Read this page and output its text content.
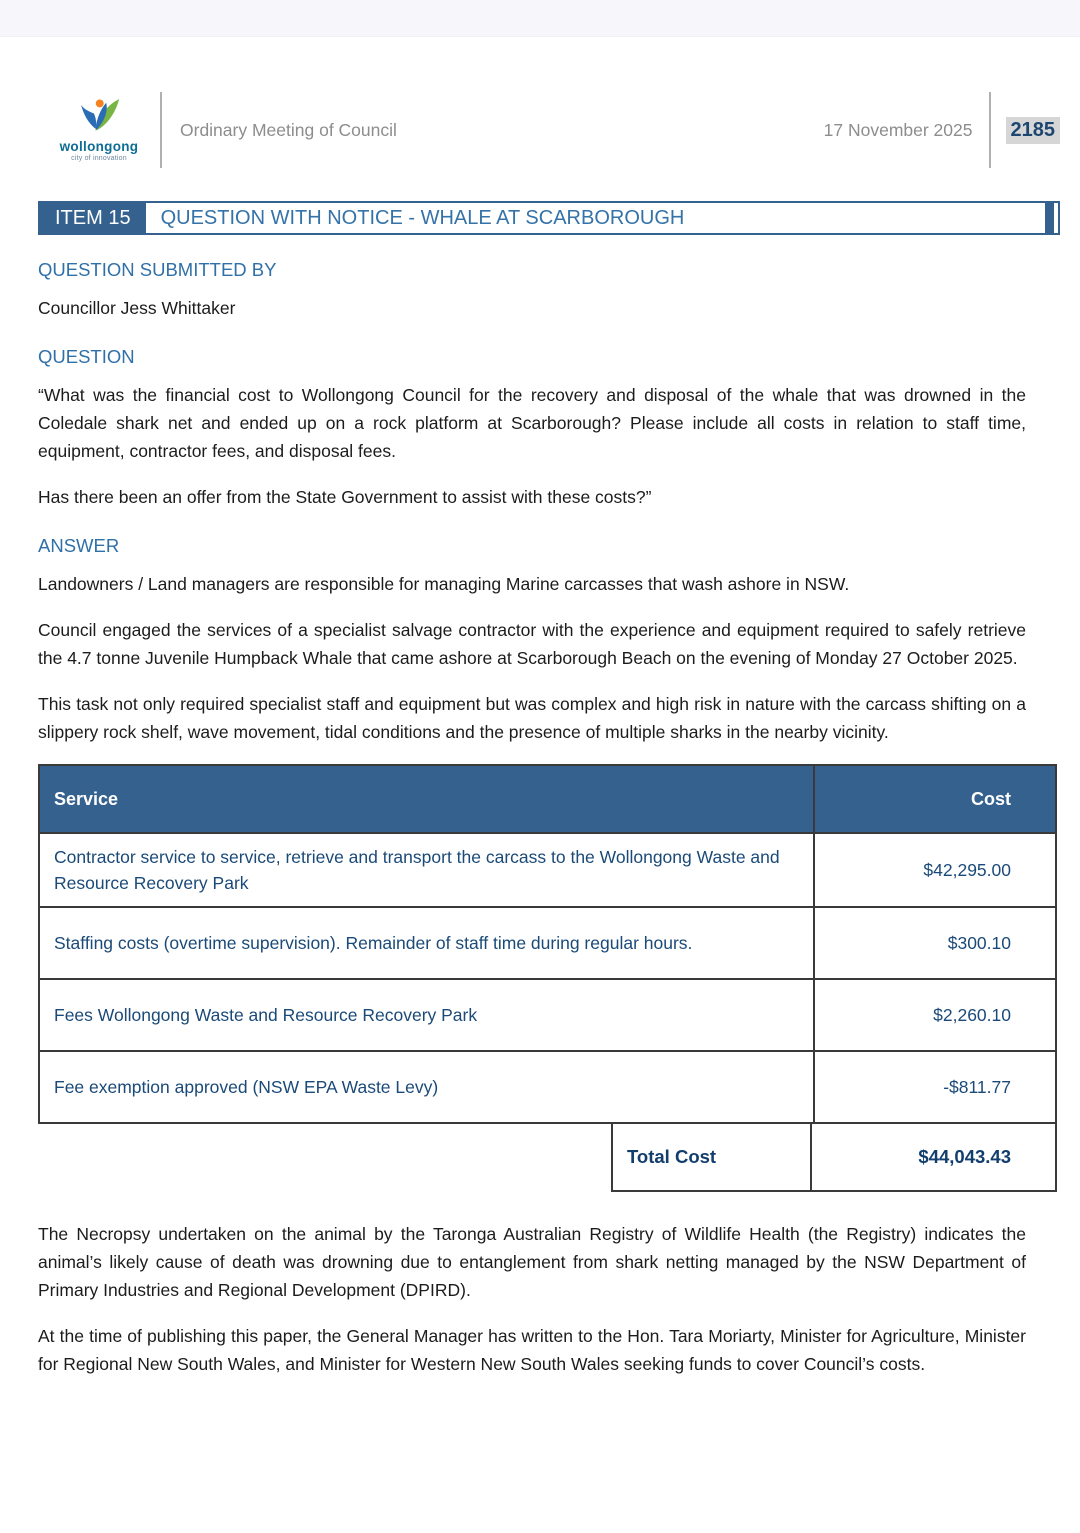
wollongong
city of innovation
Ordinary Meeting of Council	17 November 2025	2185
ITEM 15	QUESTION WITH NOTICE - WHALE AT SCARBOROUGH
QUESTION SUBMITTED BY

Councillor Jess Whittaker

QUESTION

“What was the financial cost to Wollongong Council for the recovery and disposal of the whale that was drowned in the Coledale shark net and ended up on a rock platform at Scarborough? Please include all costs in relation to staff time, equipment, contractor fees, and disposal fees.

Has there been an offer from the State Government to assist with these costs?”

ANSWER

Landowners / Land managers are responsible for managing Marine carcasses that wash ashore in NSW.

Council engaged the services of a specialist salvage contractor with the experience and equipment required to safely retrieve the 4.7 tonne Juvenile Humpback Whale that came ashore at Scarborough Beach on the evening of Monday 27 October 2025.

This task not only required specialist staff and equipment but was complex and high risk in nature with the carcass shifting on a slippery rock shelf, wave movement, tidal conditions and the presence of multiple sharks in the nearby vicinity.

Service	Cost
Contractor service to service, retrieve and transport the carcass to the Wollongong Waste and Resource Recovery Park	$42,295.00
Staffing costs (overtime supervision). Remainder of staff time during regular hours.	$300.10
Fees Wollongong Waste and Resource Recovery Park	$2,260.10
Fee exemption approved (NSW EPA Waste Levy)	-$811.77
Total Cost	$44,043.43

The Necropsy undertaken on the animal by the Taronga Australian Registry of Wildlife Health (the Registry) indicates the animal’s likely cause of death was drowning due to entanglement from shark netting managed by the NSW Department of Primary Industries and Regional Development (DPIRD).

At the time of publishing this paper, the General Manager has written to the Hon. Tara Moriarty, Minister for Agriculture, Minister for Regional New South Wales, and Minister for Western New South Wales seeking funds to cover Council’s costs.
